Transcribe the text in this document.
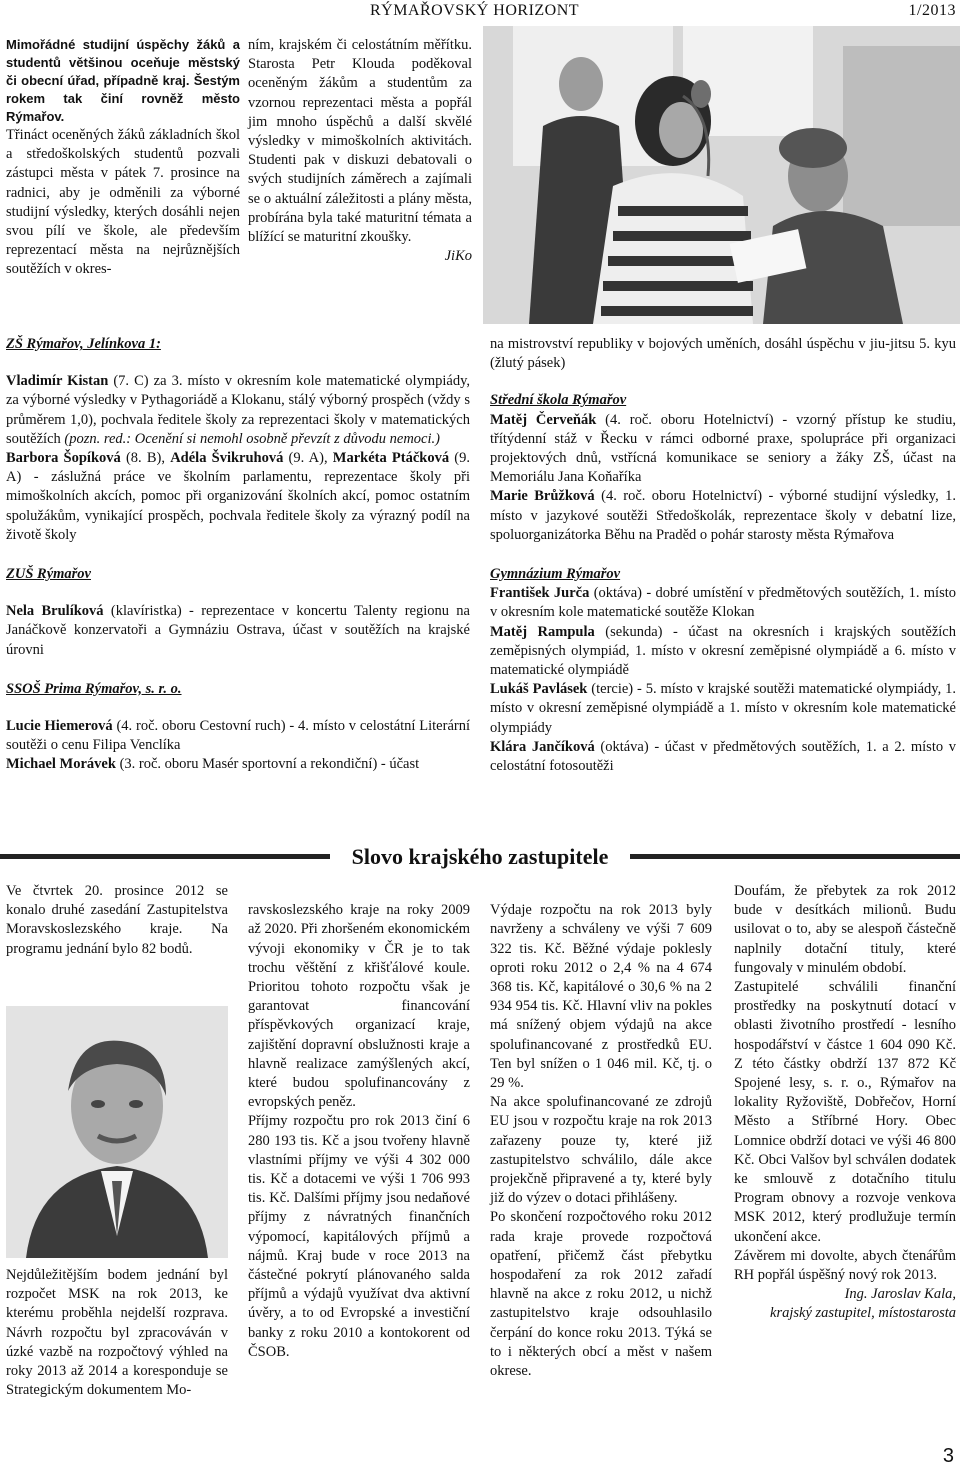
RÝMAŘOVSKÝ HORIZONT	1/2013
Mimořádné studijní úspěchy žáků a studentů většinou oceňuje městský či obecní úřad, případně kraj. Šestým rokem tak činí rovněž město Rýmařov.
Třináct oceněných žáků základních škol a středoškolských studentů pozvali zástupci města v pátek 7. prosince na radnici, aby je odměnili za výborné studijní výsledky, kterých dosáhli nejen svou pílí ve škole, ale především reprezentací města na nejrůznějších soutěžích v okres-
ním, krajském či celostátním měřítku. Starosta Petr Klouda poděkoval oceněným žákům a studentům za vzornou reprezentaci města a popřál jim mnoho úspěchů a další skvělé výsledky v mimoškolních aktivitách. Studenti pak v diskuzi debatovali o svých studijních záměrech a zajímali se o aktuální záležitosti a plány města, probírána byla také maturitní témata a blížící se maturitní zkoušky.
JiKo
ZŠ Rýmařov, Jelínkova 1:
Vladimír Kistan (7. C) za 3. místo v okresním kole matematické olympiády, za výborné výsledky v Pythagoriádě a Klokanu, stálý výborný prospěch (vždy s průměrem 1,0), pochvala ředitele školy za reprezentaci školy v matematických soutěžích (pozn. red.: Ocenění si nemohl osobně převzít z důvodu nemoci.)
Barbora Šopíková (8. B), Adéla Švikruhová (9. A), Markéta Ptáčková (9. A) - záslužná práce ve školním parlamentu, reprezentace školy při mimoškolních akcích, pomoc při organizování školních akcí, pomoc ostatním spolužákům, vynikající prospěch, pochvala ředitele školy za výrazný podíl na životě školy
ZUŠ Rýmařov
Nela Brulíková (klavíristka) - reprezentace v koncertu Talenty regionu na Janáčkově konzervatoři a Gymnáziu Ostrava, účast v soutěžích na krajské úrovni
SSOŠ Prima Rýmařov, s. r. o.
Lucie Hiemerová (4. roč. oboru Cestovní ruch) - 4. místo v celostátní Literární soutěži o cenu Filipa Venclíka
Michael Morávek (3. roč. oboru Masér sportovní a rekondiční) - účast
na mistrovství republiky v bojových uměních, dosáhl úspěchu v jiu-jitsu 5. kyu (žlutý pásek)
Střední škola Rýmařov
Matěj Červeňák (4. roč. oboru Hotelnictví) - vzorný přístup ke studiu, třítýdenní stáž v Řecku v rámci odborné praxe, spolupráce při organizaci projektových dnů, vstřícná komunikace se seniory a žáky ZŠ, účast na Memoriálu Jana Koňaříka
Marie Brůžková (4. roč. oboru Hotelnictví) - výborné studijní výsledky, 1. místo v jazykové soutěži Středoškolák, reprezentace školy v debatní lize, spoluorganizátorka Běhu na Praděd o pohár starosty města Rýmařova
Gymnázium Rýmařov
František Jurča (oktáva) - dobré umístění v předmětových soutěžích, 1. místo v okresním kole matematické soutěže Klokan
Matěj Rampula (sekunda) - účast na okresních i krajských soutěžích zeměpisných olympiád, 1. místo v okresní zeměpisné olympiádě a 6. místo v matematické olympiádě
Lukáš Pavlásek (tercie) - 5. místo v krajské soutěži matematické olympiády, 1. místo v okresní zeměpisné olympiádě a 1. místo v okresním kole matematické olympiády
Klára Jančíková (oktáva) - účast v předmětových soutěžích, 1. a 2. místo v celostátní fotosoutěži
Slovo krajského zastupitele
Ve čtvrtek 20. prosince 2012 se konalo druhé zasedání Zastupitelstva Moravskoslezského kraje. Na programu jednání bylo 82 bodů.
Nejdůležitějším bodem jednání byl rozpočet MSK na rok 2013, ke kterému proběhla nejdelší rozprava. Návrh rozpočtu byl zpracováván v úzké vazbě na rozpočtový výhled na roky 2013 až 2014 a koresponduje se Strategickým dokumentem Mo-

ravskoslezského kraje na roky 2009 až 2020. Při zhoršeném ekonomickém vývoji ekonomiky v ČR je to tak trochu věštění z křišťálové koule. Prioritou tohoto rozpočtu však je garantovat financování příspěvkových organizací kraje, zajištění dopravní obslužnosti kraje a hlavně realizace zamýšlených akcí, které budou spolufinancovány z evropských peněz.
Příjmy rozpočtu pro rok 2013 činí 6 280 193 tis. Kč a jsou tvořeny hlavně vlastními příjmy ve výši 4 302 000 tis. Kč a dotacemi ve výši 1 706 993 tis. Kč. Dalšími příjmy jsou nedaňové příjmy z návratných finančních výpomocí, kapitálových příjmů a nájmů. Kraj bude v roce 2013 na částečné pokrytí plánovaného salda příjmů a výdajů využívat dva aktivní úvěry, a to od Evropské a investiční banky z roku 2010 a kontokorent od ČSOB.

Výdaje rozpočtu na rok 2013 byly navrženy a schváleny ve výši 7 609 322 tis. Kč. Běžné výdaje poklesly oproti roku 2012 o 2,4 % na 4 674 368 tis. Kč, kapitálové o 30,6 % na 2 934 954 tis. Kč. Hlavní vliv na pokles má snížený objem výdajů na akce spolufinancované z prostředků EU. Ten byl snížen o 1 046 mil. Kč, tj. o 29 %.
Na akce spolufinancované ze zdrojů EU jsou v rozpočtu kraje na rok 2013 zařazeny pouze ty, které již zastupitelstvo schválilo, dále akce projekčně připravené a ty, které byly již do výzev o dotaci přihlášeny.
Po skončení rozpočtového roku 2012 rada kraje provede rozpočtová opatření, přičemž část přebytku hospodaření za rok 2012 zařadí hlavně na akce z roku 2012, u nichž zastupitelstvo kraje odsouhlasilo čerpání do konce roku 2013. Týká se to i některých obcí a měst v našem okrese.

Doufám, že přebytek za rok 2012 bude v desítkách milionů. Budu usilovat o to, aby se alespoň částečně naplnily dotační tituly, které fungovaly v minulém období.
Zastupitelé schválili finanční prostředky na poskytnutí dotací v oblasti životního prostředí - lesního hospodářství v částce 1 604 090 Kč. Z této částky obdrží 137 872 Kč Spojené lesy, s. r. o., Rýmařov na lokality Ryžoviště, Dobřečov, Horní Město a Stříbrné Hory. Obec Lomnice obdrží dotaci ve výši 46 800 Kč. Obci Valšov byl schválen dodatek ke smlouvě z dotačního titulu Program obnovy a rozvoje venkova MSK 2012, který prodlužuje termín ukončení akce.
Závěrem mi dovolte, abych čtenářům RH popřál úspěšný nový rok 2013.
Ing. Jaroslav Kala,
krajský zastupitel, místostarosta
3
